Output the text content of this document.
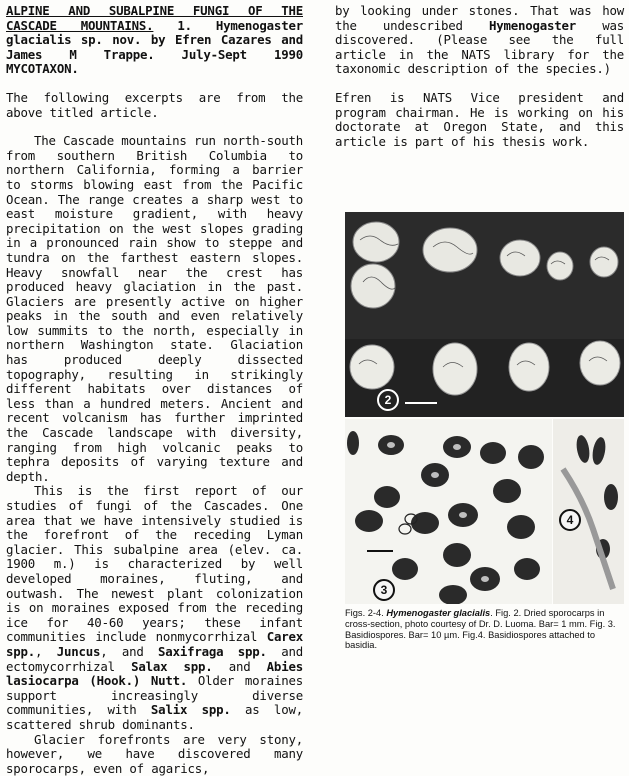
ALPINE AND SUBALPINE FUNGI OF THE CASCADE MOUNTAINS. 1. Hymenogaster glacialis sp. nov. by Efren Cazares and James M Trappe. July-Sept 1990 MYCOTAXON.

The following excerpts are from the above titled article.

The Cascade mountains run north-south from southern British Columbia to northern California, forming a barrier to storms blowing east from the Pacific Ocean. The range creates a sharp west to east moisture gradient, with heavy precipitation on the west slopes grading in a pronounced rain show to steppe and tundra on the farthest eastern slopes. Heavy snowfall near the crest has produced heavy glaciation in the past. Glaciers are presently active on higher peaks in the south and even relatively low summits to the north, especially in northern Washington state. Glaciation has produced deeply dissected topography, resulting in strikingly different habitats over distances of less than a hundred meters. Ancient and recent volcanism has further imprinted the Cascade landscape with diversity, ranging from high volcanic peaks to tephra deposits of varying texture and depth.

This is the first report of our studies of fungi of the Cascades. One area that we have intensively studied is the forefront of the receding Lyman glacier. This subalpine area (elev. ca. 1900 m.) is characterized by well developed moraines, fluting, and outwash. The newest plant colonization is on moraines exposed from the receding ice for 40-60 years; these infant communities include nonmycorrhizal Carex spp., Juncus, and Saxifraga spp. and ectomycorrhizal Salax spp. and Abies lasiocarpa (Hook.) Nutt. Older moraines support increasingly diverse communities, with Salix spp. as low, scattered shrub dominants.

Glacier forefronts are very stony, however, we have discovered many sporocarps, even of agarics,

by looking under stones. That was how the undescribed Hymenogaster was discovered. (Please see the full article in the NATS library for the taxonomic description of the species.)

Efren is NATS Vice president and program chairman. He is working on his doctorate at Oregon State, and this article is part of his thesis work.

2
3
4
Figs. 2-4. Hymenogaster glacialis. Fig. 2. Dried sporocarps in cross-section, photo courtesy of Dr. D. Luoma. Bar= 1 mm. Fig. 3. Basidiospores. Bar= 10 µm. Fig.4. Basidiospores attached to basidia.
